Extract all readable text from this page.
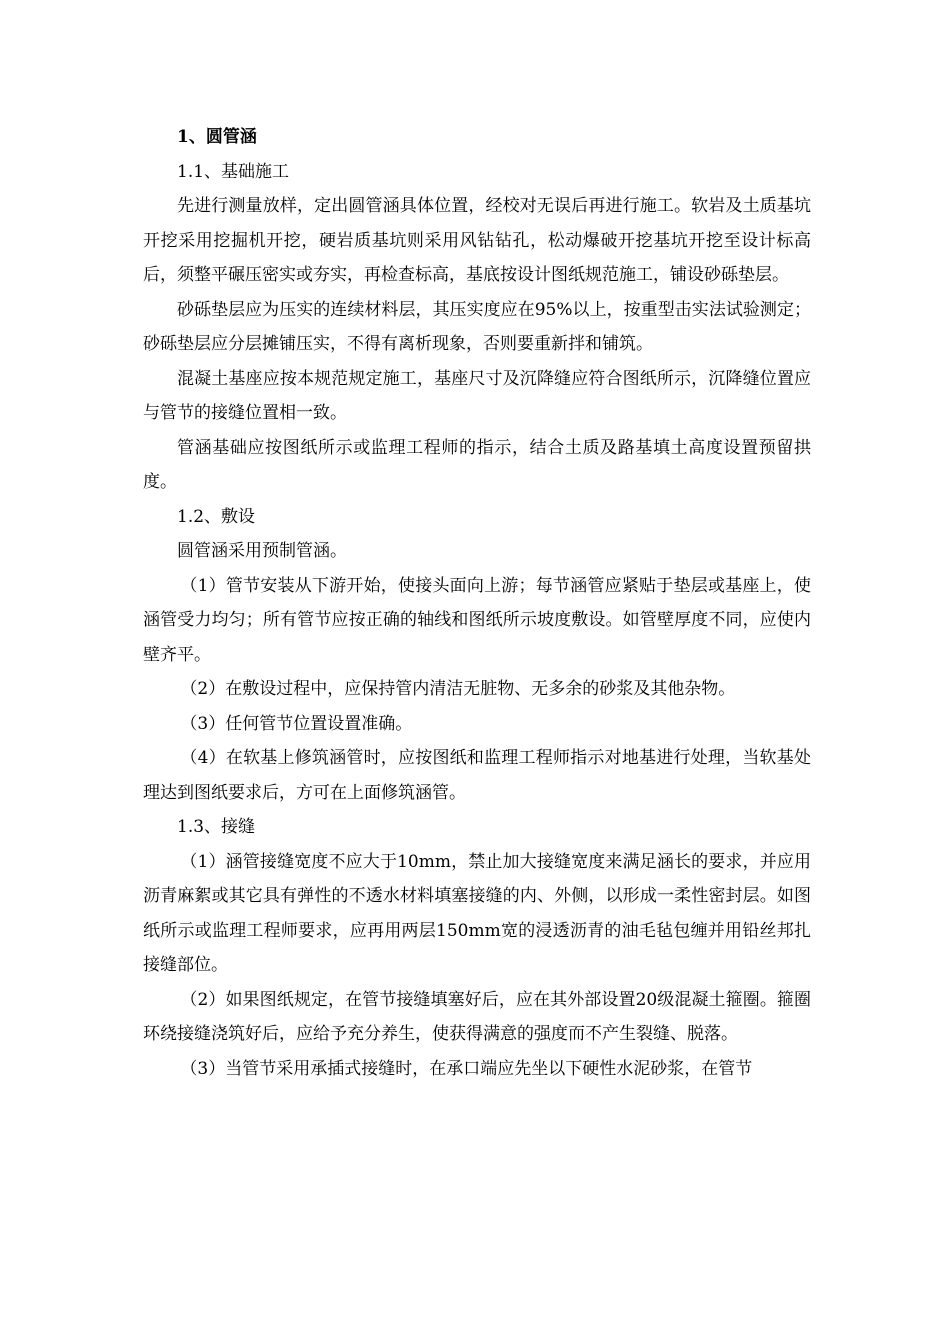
1、圆管涵

1.1、基础施工

先进行测量放样，定出圆管涵具体位置，经校对无误后再进行施工。软岩及土质基坑开挖采用挖掘机开挖，硬岩质基坑则采用风钻钻孔，松动爆破开挖基坑开挖至设计标高后，须整平碾压密实或夯实，再检查标高，基底按设计图纸规范施工，铺设砂砾垫层。

砂砾垫层应为压实的连续材料层，其压实度应在95%以上，按重型击实法试验测定；砂砾垫层应分层摊铺压实，不得有离析现象，否则要重新拌和铺筑。

混凝土基座应按本规范规定施工，基座尺寸及沉降缝应符合图纸所示，沉降缝位置应与管节的接缝位置相一致。

管涵基础应按图纸所示或监理工程师的指示，结合土质及路基填土高度设置预留拱度。

1.2、敷设

圆管涵采用预制管涵。

（1）管节安装从下游开始，使接头面向上游；每节涵管应紧贴于垫层或基座上，使涵管受力均匀；所有管节应按正确的轴线和图纸所示坡度敷设。如管壁厚度不同，应使内壁齐平。

（2）在敷设过程中，应保持管内清洁无脏物、无多余的砂浆及其他杂物。

（3）任何管节位置设置准确。

（4）在软基上修筑涵管时，应按图纸和监理工程师指示对地基进行处理，当软基处理达到图纸要求后，方可在上面修筑涵管。

1.3、接缝

（1）涵管接缝宽度不应大于10mm，禁止加大接缝宽度来满足涵长的要求，并应用沥青麻絮或其它具有弹性的不透水材料填塞接缝的内、外侧，以形成一柔性密封层。如图纸所示或监理工程师要求，应再用两层150mm宽的浸透沥青的油毛毡包缠并用铅丝邦扎接缝部位。

（2）如果图纸规定，在管节接缝填塞好后，应在其外部设置20级混凝土箍圈。箍圈环绕接缝浇筑好后，应给予充分养生，使获得满意的强度而不产生裂缝、脱落。

（3）当管节采用承插式接缝时，在承口端应先坐以下硬性水泥砂浆，在管节
